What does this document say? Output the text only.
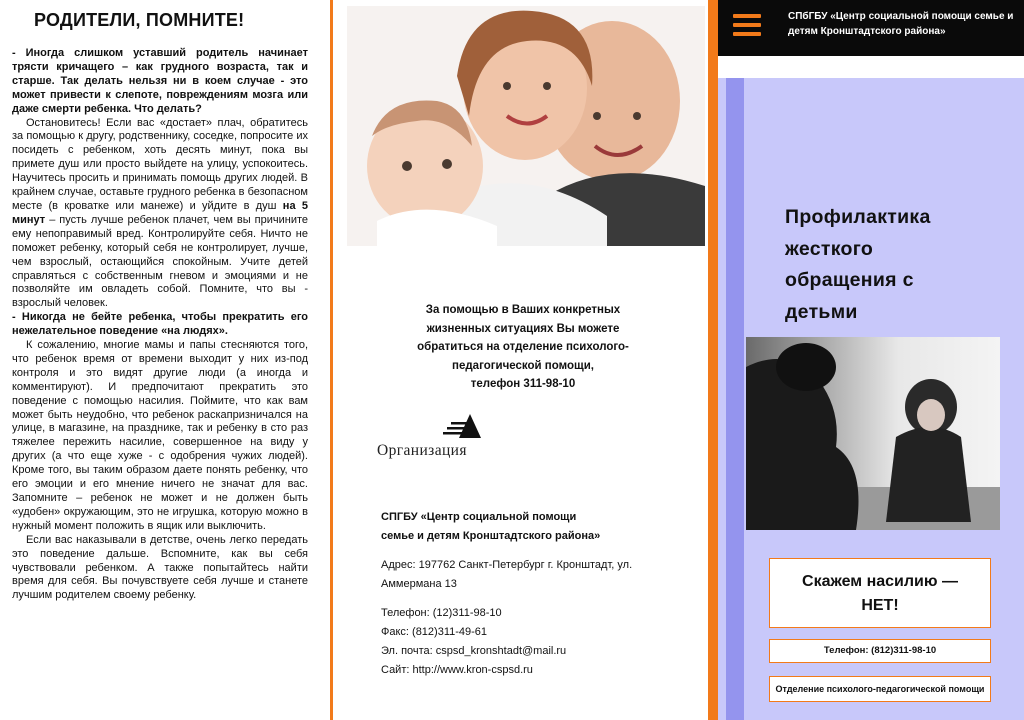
РОДИТЕЛИ, ПОМНИТЕ!

- Иногда слишком уставший родитель начинает трясти кричащего – как грудного возраста, так и старше. Так делать нельзя ни в коем случае - это может привести к слепоте, повреждениям мозга или даже смерти ребенка. Что делать?

Остановитесь! Если вас «достает» плач, обратитесь за помощью к другу, родственнику, соседке, попросите их посидеть с ребенком, хоть десять минут, пока вы примете душ или просто выйдете на улицу, успокоитесь. Научитесь просить и принимать помощь других людей. В крайнем случае, оставьте грудного ребенка в безопасном месте (в кроватке или манеже) и уйдите в душ на 5 минут – пусть лучше ребенок плачет, чем вы причините ему непоправимый вред. Контролируйте себя. Ничто не поможет ребенку, который себя не контролирует, лучше, чем взрослый, остающийся спокойным. Учите детей справляться с собственным гневом и эмоциями и не позволяйте им овладеть собой. Помните, что вы - взрослый человек.

- Никогда не бейте ребенка, чтобы прекратить его нежелательное поведение «на людях».

К сожалению, многие мамы и папы стесняются того, что ребенок время от времени выходит у них из-под контроля и это видят другие люди (а иногда и комментируют). И предпочитают прекратить это поведение с помощью насилия. Поймите, что как вам может быть неудобно, что ребенок раскапризничался на улице, в магазине, на празднике, так и ребенку в сто раз тяжелее пережить насилие, совершенное на виду у других (а что еще хуже - с одобрения чужих людей). Кроме того, вы таким образом даете понять ребенку, что его эмоции и его мнение ничего не значат для вас. Запомните – ребенок не может и не должен быть «удобен» окружающим, это не игрушка, которую можно в нужный момент положить в ящик или выключить.

Если вас наказывали в детстве, очень легко передать это поведение дальше. Вспомните, как вы себя чувствовали ребенком. А также попытайтесь найти время для себя. Вы почувствуете себя лучше и станете лучшим родителем своему ребенку.

За помощью в Ваших конкретных
жизненных ситуациях Вы можете
обратиться на отделение психолого-
педагогической помощи,
телефон 311-98-10
Организация
СПГБУ «Центр социальной помощи
семье и детям Кронштадтского района»
Адрес: 197762 Санкт-Петербург г. Кронштадт, ул.
Аммермана 13
Телефон: (12)311-98-10
Факс: (812)311-49-61
Эл. почта: cspsd_kronshtadt@mail.ru
Сайт: http://www.kron-cspsd.ru
СПбГБУ «Центр социальной помощи семье и детям Кронштадтского района»
Профилактика
жесткого
обращения с
детьми
Скажем насилию —
НЕТ!
Телефон: (812)311-98-10
Отделение психолого-педагогической помощи
